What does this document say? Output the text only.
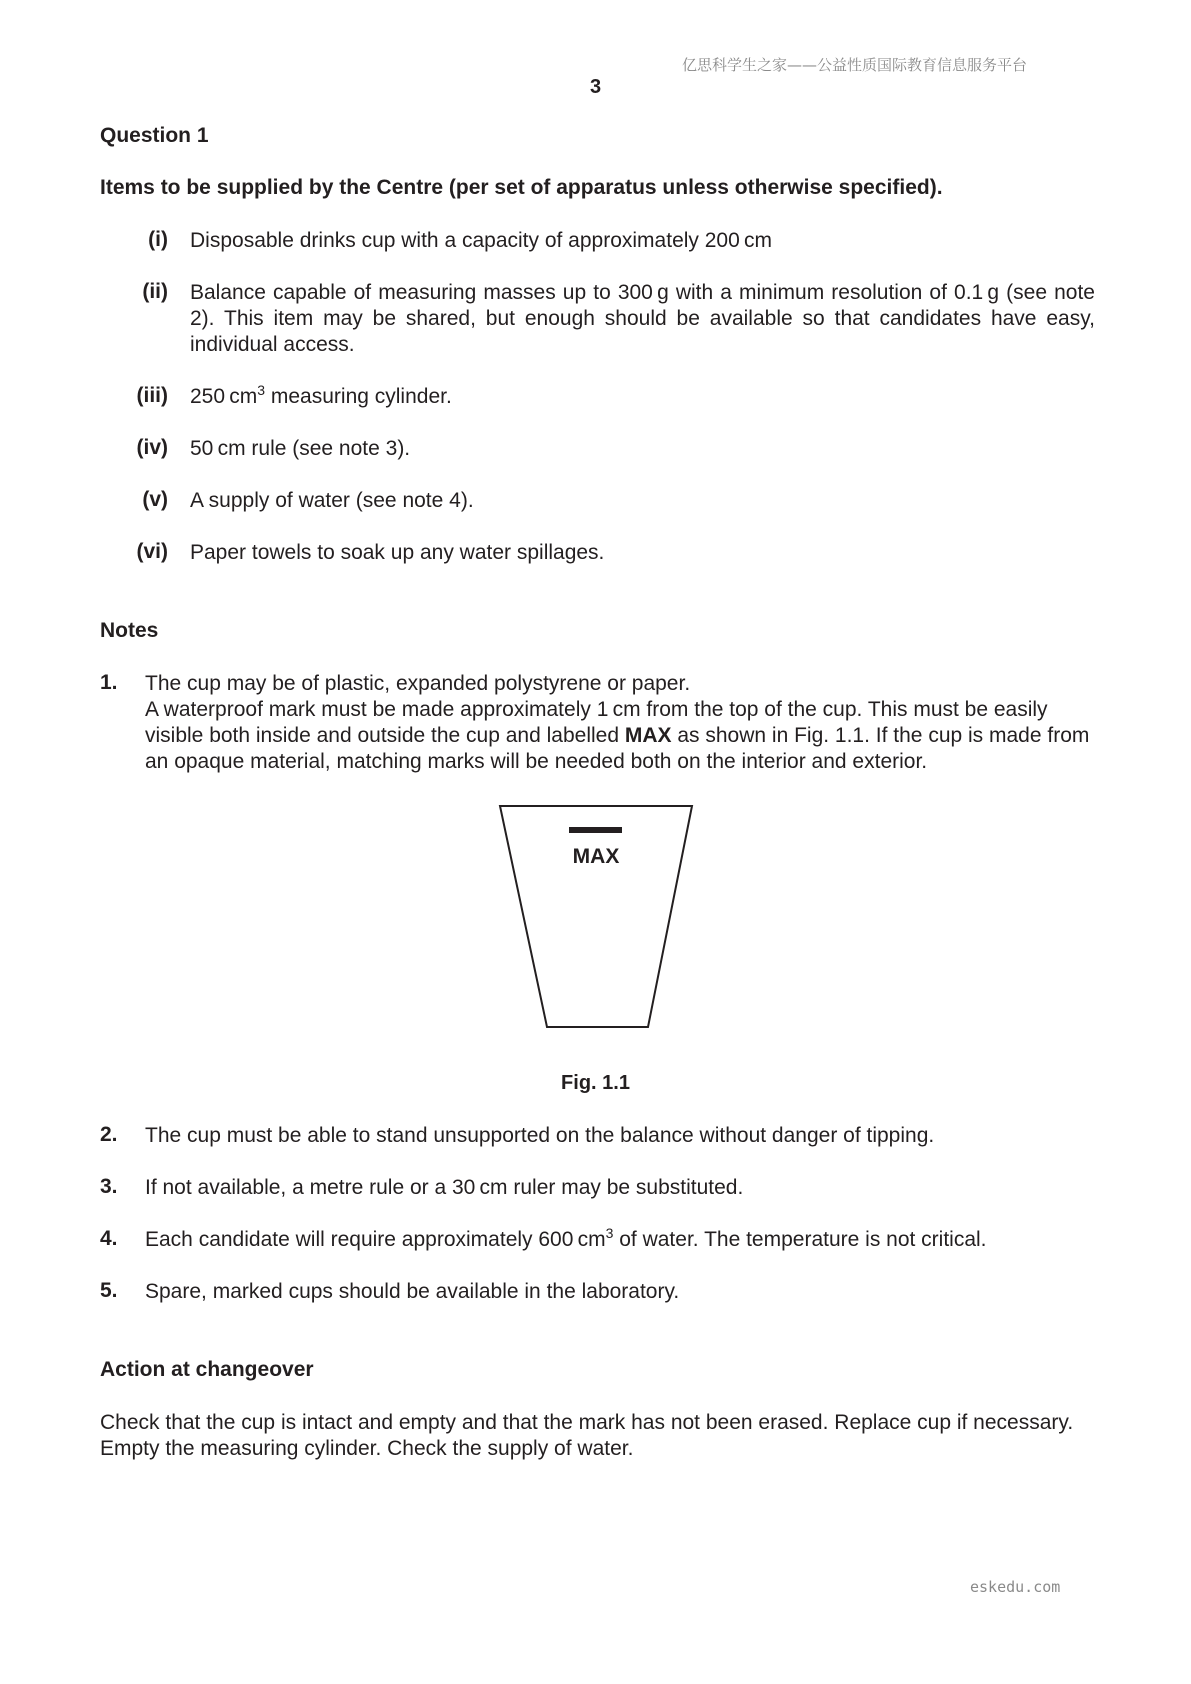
亿思科学生之家——公益性质国际教育信息服务平台
3
Question 1
Items to be supplied by the Centre (per set of apparatus unless otherwise specified).
(i) Disposable drinks cup with a capacity of approximately 200 cm
(ii) Balance capable of measuring masses up to 300 g with a minimum resolution of 0.1 g (see note 2). This item may be shared, but enough should be available so that candidates have easy, individual access.
(iii) 250 $cm^3$ measuring cylinder.
(iv) 50 cm rule (see note 3).
(v) A supply of water (see note 4).
(vi) Paper towels to soak up any water spillages.
Notes
1. The cup may be of plastic, expanded polystyrene or paper.
A waterproof mark must be made approximately 1 cm from the top of the cup. This must be easily visible both inside and outside the cup and labelled MAX as shown in Fig. 1.1. If the cup is made from an opaque material, matching marks will be needed both on the interior and exterior.
MAX
Fig. 1.1
2. The cup must be able to stand unsupported on the balance without danger of tipping.
3. If not available, a metre rule or a 30 cm ruler may be substituted.
4. Each candidate will require approximately 600 $cm^3$ of water. The temperature is not critical.
5. Spare, marked cups should be available in the laboratory.
Action at changeover
Check that the cup is intact and empty and that the mark has not been erased. Replace cup if necessary. Empty the measuring cylinder. Check the supply of water.
eskedu.com
